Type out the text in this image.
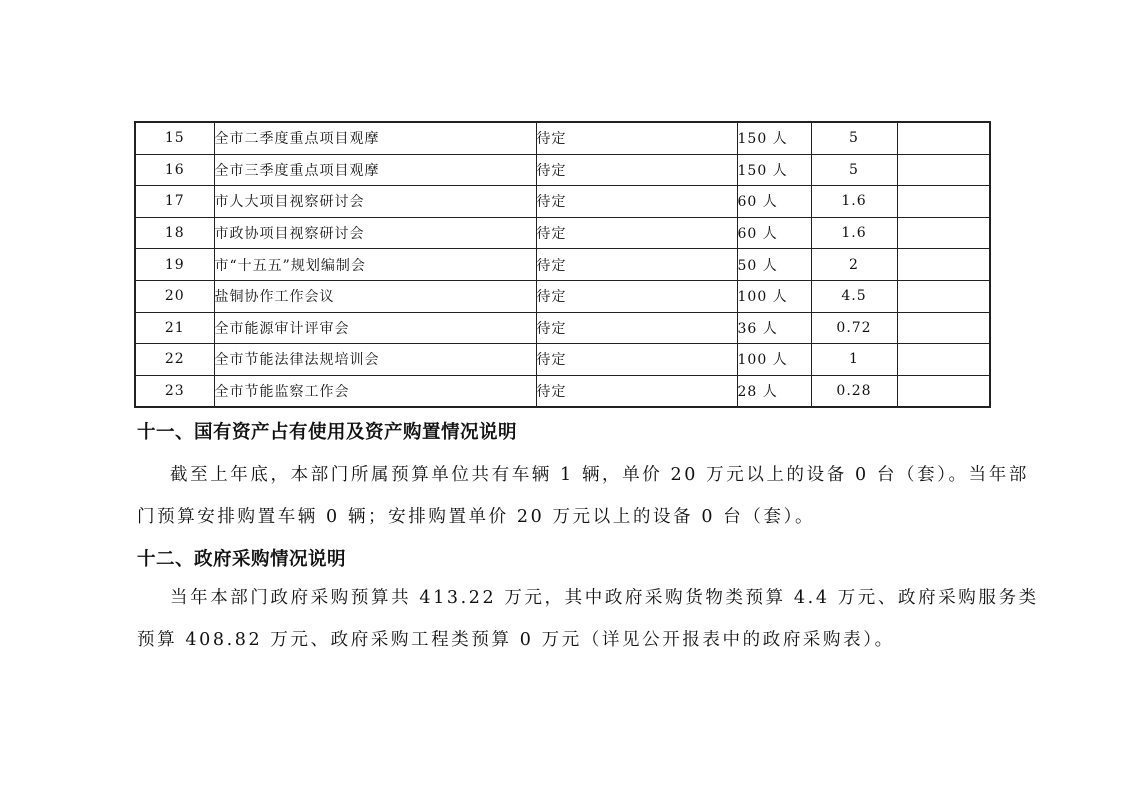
15	全市二季度重点项目观摩	待定	150 人	5	
16	全市三季度重点项目观摩	待定	150 人	5	
17	市人大项目视察研讨会	待定	60 人	1.6	
18	市政协项目视察研讨会	待定	60 人	1.6	
19	市“十五五”规划编制会	待定	50 人	2	
20	盐铜协作工作会议	待定	100 人	4.5	
21	全市能源审计评审会	待定	36 人	0.72	
22	全市节能法律法规培训会	待定	100 人	1	
23	全市节能监察工作会	待定	28 人	0.28	
十一、国有资产占有使用及资产购置情况说明
截至上年底，本部门所属预算单位共有车辆 1 辆，单价 20 万元以上的设备 0 台（套）。当年部
门预算安排购置车辆 0 辆；安排购置单价 20 万元以上的设备 0 台（套）。
十二、政府采购情况说明
当年本部门政府采购预算共 413.22 万元，其中政府采购货物类预算 4.4 万元、政府采购服务类
预算 408.82 万元、政府采购工程类预算 0 万元（详见公开报表中的政府采购表）。
